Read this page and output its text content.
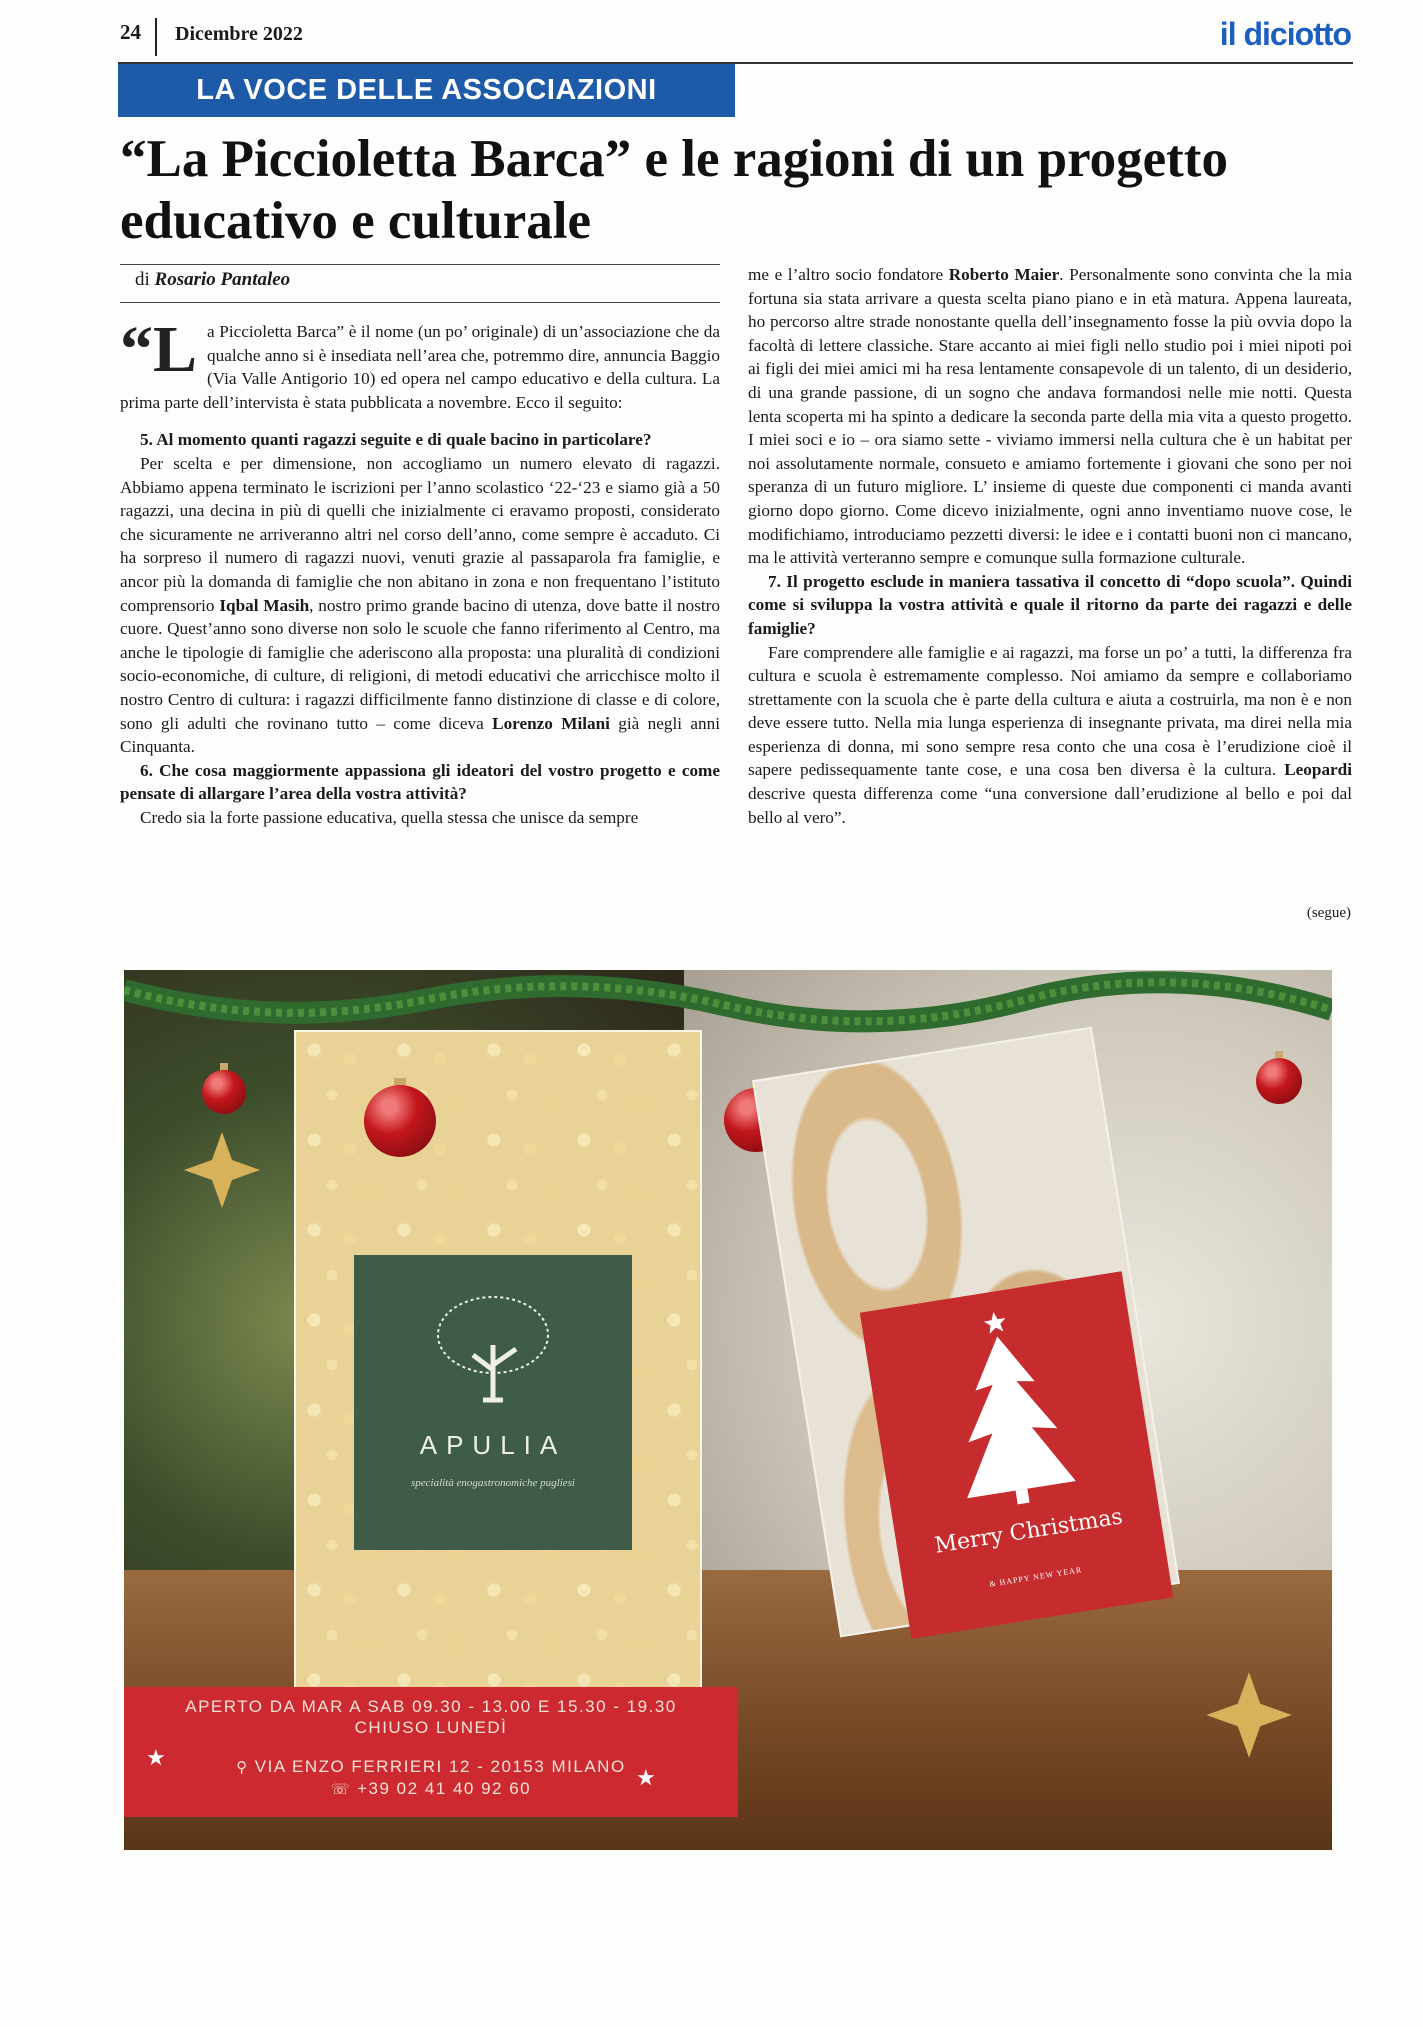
24 Dicembre 2022	il diciotto
LA VOCE DELLE ASSOCIAZIONI
“La Piccioletta Barca” e le ragioni di un progetto educativo e culturale
di Rosario Pantaleo

“La Piccioletta Barca” è il nome (un po’ originale) di un’associazione che da qualche anno si è insediata nell’area che, potremmo dire, annuncia Baggio (Via Valle Antigorio 10) ed opera nel campo educativo e della cultura. La prima parte dell’intervista è stata pubblicata a novembre. Ecco il seguito:

5. Al momento quanti ragazzi seguite e di quale bacino in particolare?

Per scelta e per dimensione, non accogliamo un numero elevato di ragazzi. Abbiamo appena terminato le iscrizioni per l’anno scolastico ‘22-‘23 e siamo già a 50 ragazzi, una decina in più di quelli che inizialmente ci eravamo proposti, considerato che sicuramente ne arriveranno altri nel corso dell’anno, come sempre è accaduto. Ci ha sorpreso il numero di ragazzi nuovi, venuti grazie al passaparola fra famiglie, e ancor più la domanda di famiglie che non abitano in zona e non frequentano l’istituto comprensorio Iqbal Masih, nostro primo grande bacino di utenza, dove batte il nostro cuore. Quest’anno sono diverse non solo le scuole che fanno riferimento al Centro, ma anche le tipologie di famiglie che aderiscono alla proposta: una pluralità di condizioni socio-economiche, di culture, di religioni, di metodi educativi che arricchisce molto il nostro Centro di cultura: i ragazzi difficilmente fanno distinzione di classe e di colore, sono gli adulti che rovinano tutto – come diceva Lorenzo Milani già negli anni Cinquanta.

6. Che cosa maggiormente appassiona gli ideatori del vostro progetto e come pensate di allargare l’area della vostra attività?

Credo sia la forte passione educativa, quella stessa che unisce da sempre

me e l’altro socio fondatore Roberto Maier. Personalmente sono convinta che la mia fortuna sia stata arrivare a questa scelta piano piano e in età matura. Appena laureata, ho percorso altre strade nonostante quella dell’insegnamento fosse la più ovvia dopo la facoltà di lettere classiche. Stare accanto ai miei figli nello studio poi i miei nipoti poi ai figli dei miei amici mi ha resa lentamente consapevole di un talento, di un desiderio, di una grande passione, di un sogno che andava formandosi nelle mie notti. Questa lenta scoperta mi ha spinto a dedicare la seconda parte della mia vita a questo progetto. I miei soci e io – ora siamo sette - viviamo immersi nella cultura che è un habitat per noi assolutamente normale, consueto e amiamo fortemente i giovani che sono per noi speranza di un futuro migliore. L’ insieme di queste due componenti ci manda avanti giorno dopo giorno. Come dicevo inizialmente, ogni anno inventiamo nuove cose, le modifichiamo, introduciamo pezzetti diversi: le idee e i contatti buoni non ci mancano, ma le attività verteranno sempre e comunque sulla formazione culturale.

7. Il progetto esclude in maniera tassativa il concetto di “dopo scuola”. Quindi come si sviluppa la vostra attività e quale il ritorno da parte dei ragazzi e delle famiglie?

Fare comprendere alle famiglie e ai ragazzi, ma forse un po’ a tutti, la differenza fra cultura e scuola è estremamente complesso. Noi amiamo da sempre e collaboriamo strettamente con la scuola che è parte della cultura e aiuta a costruirla, ma non è e non deve essere tutto. Nella mia lunga esperienza di insegnante privata, ma direi nella mia esperienza di donna, mi sono sempre resa conto che una cosa è l’erudizione cioè il sapere pedissequamente tante cose, e una cosa ben diversa è la cultura. Leopardi descrive questa differenza come “una conversione dall’erudizione al bello e poi dal bello al vero”.

(segue)
APULIA
specialità enogastronomiche pugliesi
Merry Christmas
& HAPPY NEW YEAR
APERTO DA MAR A SAB 09.30 - 13.00 E 15.30 - 19.30
CHIUSO LUNEDÌ
⚲ VIA ENZO FERRIERI 12 - 20153 MILANO
☏ +39 02 41 40 92 60
★
★
